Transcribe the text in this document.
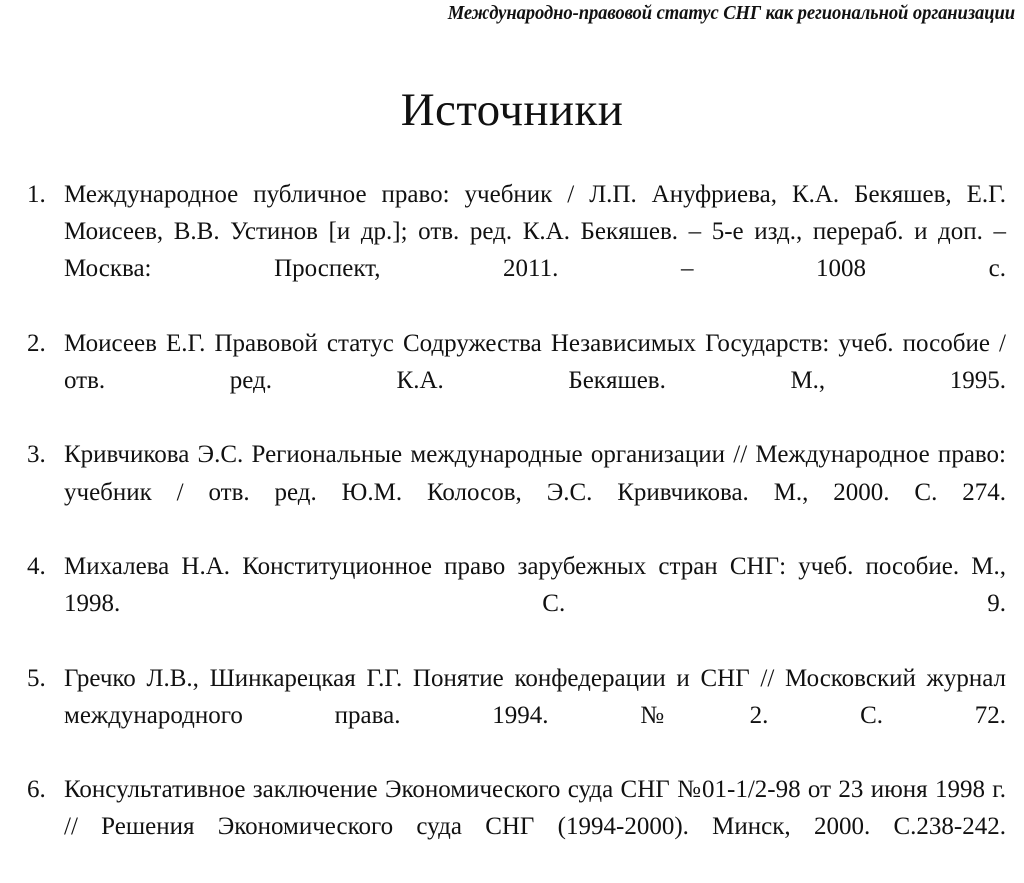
Международно-правовой статус СНГ как региональной организации
Источники
1. Международное публичное право: учебник / Л.П. Ануфриева, К.А. Бекяшев, Е.Г. Моисеев, В.В. Устинов [и др.]; отв. ред. К.А. Бекяшев. – 5-е изд., перераб. и доп. – Москва: Проспект, 2011. – 1008 с.
2. Моисеев Е.Г. Правовой статус Содружества Независимых Государств: учеб. пособие / отв. ред. К.А. Бекяшев. М., 1995.
3. Кривчикова Э.С. Региональные международные организации // Международное право: учебник / отв. ред. Ю.М. Колосов, Э.С. Кривчикова. М., 2000. С. 274.
4. Михалева Н.А. Конституционное право зарубежных стран СНГ: учеб. пособие. М., 1998. С. 9.
5. Гречко Л.В., Шинкарецкая Г.Г. Понятие конфедерации и СНГ // Московский журнал международного права. 1994. №2. С. 72.
6. Консультативное заключение Экономического суда СНГ №01-1/2-98 от 23 июня 1998 г. // Решения Экономического суда СНГ (1994-2000). Минск, 2000. С.238-242.
